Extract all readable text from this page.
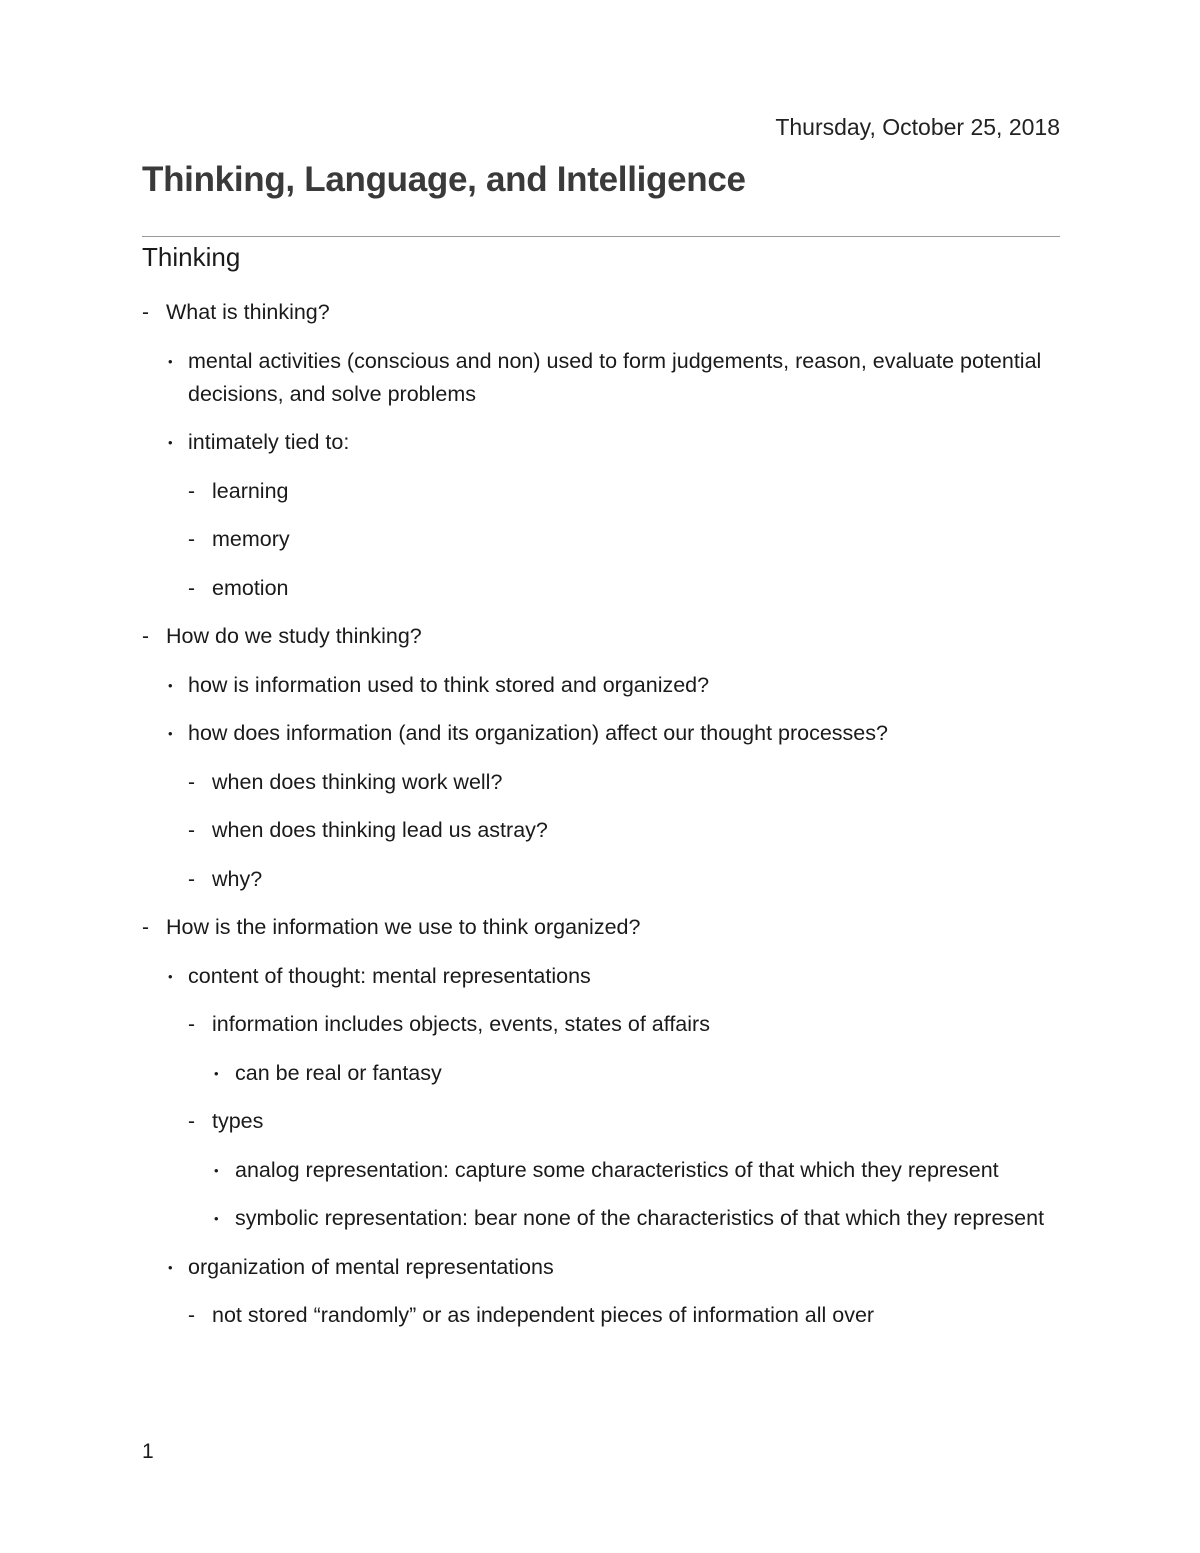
Thursday, October 25, 2018
Thinking, Language, and Intelligence
Thinking
- What is thinking?
• mental activities (conscious and non) used to form judgements, reason, evaluate potential decisions, and solve problems
• intimately tied to:
- learning
- memory
- emotion
- How do we study thinking?
• how is information used to think stored and organized?
• how does information (and its organization) affect our thought processes?
- when does thinking work well?
- when does thinking lead us astray?
- why?
- How is the information we use to think organized?
• content of thought: mental representations
- information includes objects, events, states of affairs
• can be real or fantasy
- types
• analog representation: capture some characteristics of that which they represent
• symbolic representation: bear none of the characteristics of that which they represent
• organization of mental representations
- not stored “randomly” or as independent pieces of information all over
1
